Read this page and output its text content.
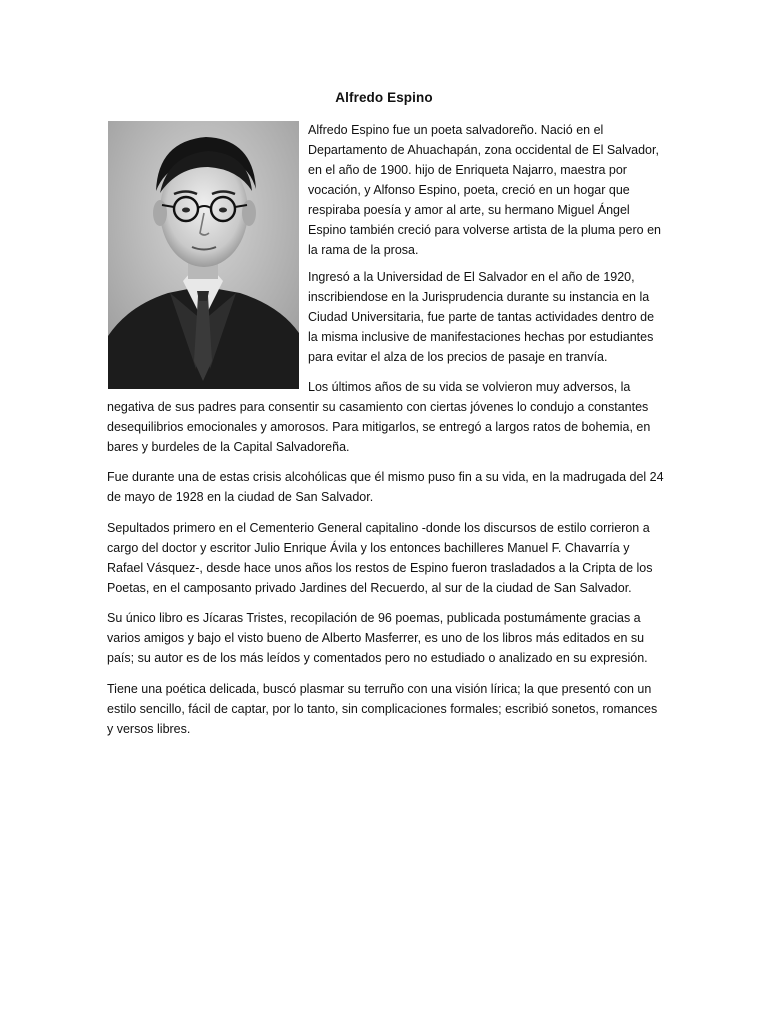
Alfredo Espino

Alfredo Espino fue un poeta salvadoreño. Nació en el Departamento de Ahuachapán, zona occidental de El Salvador, en el año de 1900. hijo de Enriqueta Najarro, maestra por vocación, y Alfonso Espino, poeta, creció en un hogar que respiraba poesía y amor al arte, su hermano Miguel Ángel Espino también creció para volverse artista de la pluma pero en la rama de la prosa.

Ingresó a la Universidad de El Salvador en el año de 1920, inscribiendose en la Jurisprudencia durante su instancia en la Ciudad Universitaria, fue parte de tantas actividades dentro de la misma inclusive de manifestaciones hechas por estudiantes para evitar el alza de los precios de pasaje en tranvía.

Los últimos años de su vida se volvieron muy adversos, la negativa de sus padres para consentir su casamiento con ciertas jóvenes lo condujo a constantes desequilibrios emocionales y amorosos. Para mitigarlos, se entregó a largos ratos de bohemia, en bares y burdeles de la Capital Salvadoreña.

Fue durante una de estas crisis alcohólicas que él mismo puso fin a su vida, en la madrugada del 24 de mayo de 1928 en la ciudad de San Salvador.

Sepultados primero en el Cementerio General capitalino -donde los discursos de estilo corrieron a cargo del doctor y escritor Julio Enrique Ávila y los entonces bachilleres Manuel F. Chavarría y Rafael Vásquez-, desde hace unos años los restos de Espino fueron trasladados a la Cripta de los Poetas, en el camposanto privado Jardines del Recuerdo, al sur de la ciudad de San Salvador.

Su único libro es Jícaras Tristes, recopilación de 96 poemas, publicada postumámente gracias a varios amigos y bajo el visto bueno de Alberto Masferrer, es uno de los libros más editados en su país; su autor es de los más leídos y comentados pero no estudiado o analizado en su expresión.

Tiene una poética delicada, buscó plasmar su terruño con una visión lírica; la que presentó con un estilo sencillo, fácil de captar, por lo tanto, sin complicaciones formales; escribió sonetos, romances y versos libres.
